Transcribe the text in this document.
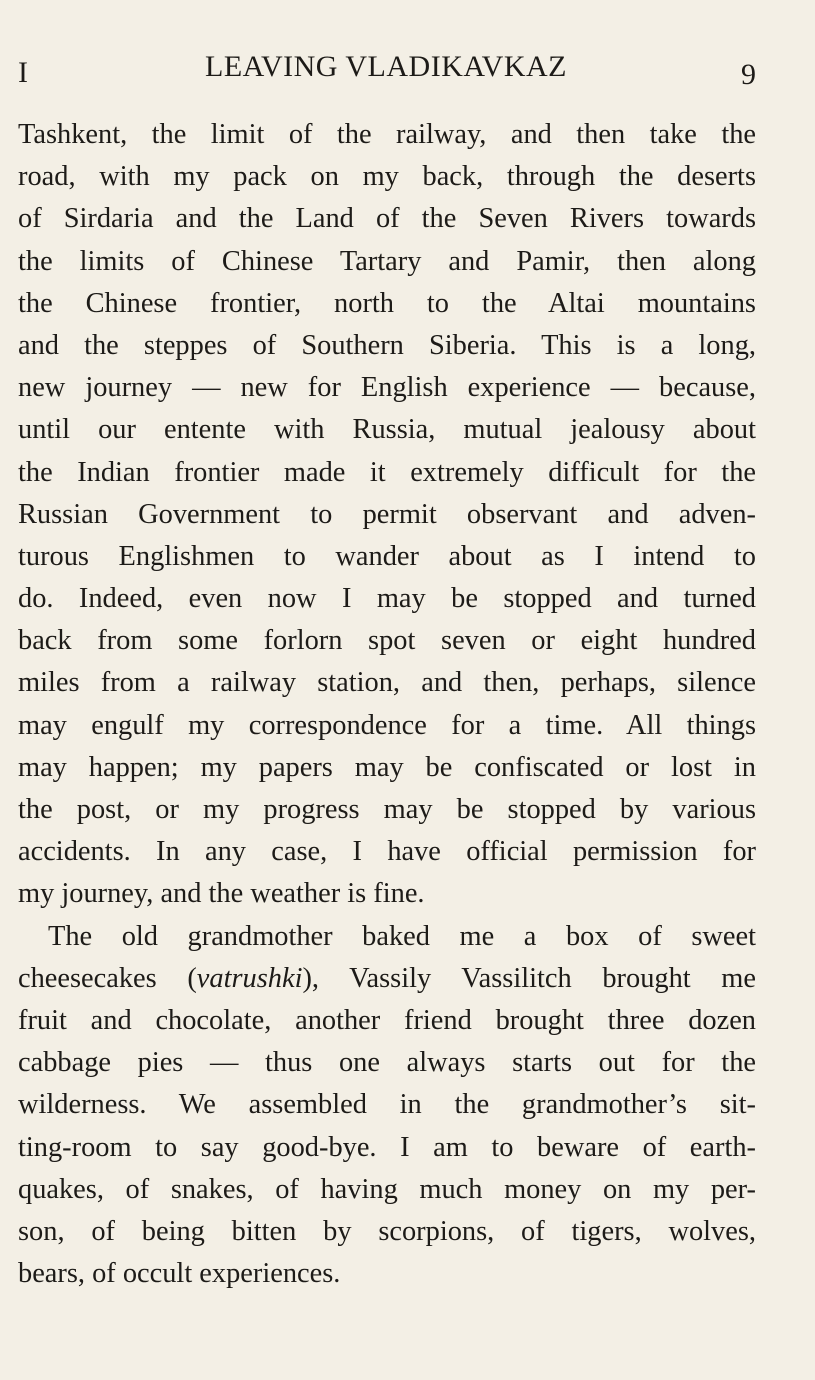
I	LEAVING VLADIKAVKAZ	9
Tashkent, the limit of the railway, and then take the
road, with my pack on my back, through the deserts
of Sirdaria and the Land of the Seven Rivers towards
the limits of Chinese Tartary and Pamir, then along
the Chinese frontier, north to the Altai mountains
and the steppes of Southern Siberia. This is a long,
new journey — new for English experience — because,
until our entente with Russia, mutual jealousy about
the Indian frontier made it extremely difficult for the
Russian Government to permit observant and adven-
turous Englishmen to wander about as I intend to
do. Indeed, even now I may be stopped and turned
back from some forlorn spot seven or eight hundred
miles from a railway station, and then, perhaps, silence
may engulf my correspondence for a time. All things
may happen; my papers may be confiscated or lost in
the post, or my progress may be stopped by various
accidents. In any case, I have official permission for
my journey, and the weather is fine.
The old grandmother baked me a box of sweet
cheesecakes (vatrushki), Vassily Vassilitch brought me
fruit and chocolate, another friend brought three dozen
cabbage pies — thus one always starts out for the
wilderness. We assembled in the grandmother’s sit-
ting-room to say good-bye. I am to beware of earth-
quakes, of snakes, of having much money on my per-
son, of being bitten by scorpions, of tigers, wolves,
bears, of occult experiences.
